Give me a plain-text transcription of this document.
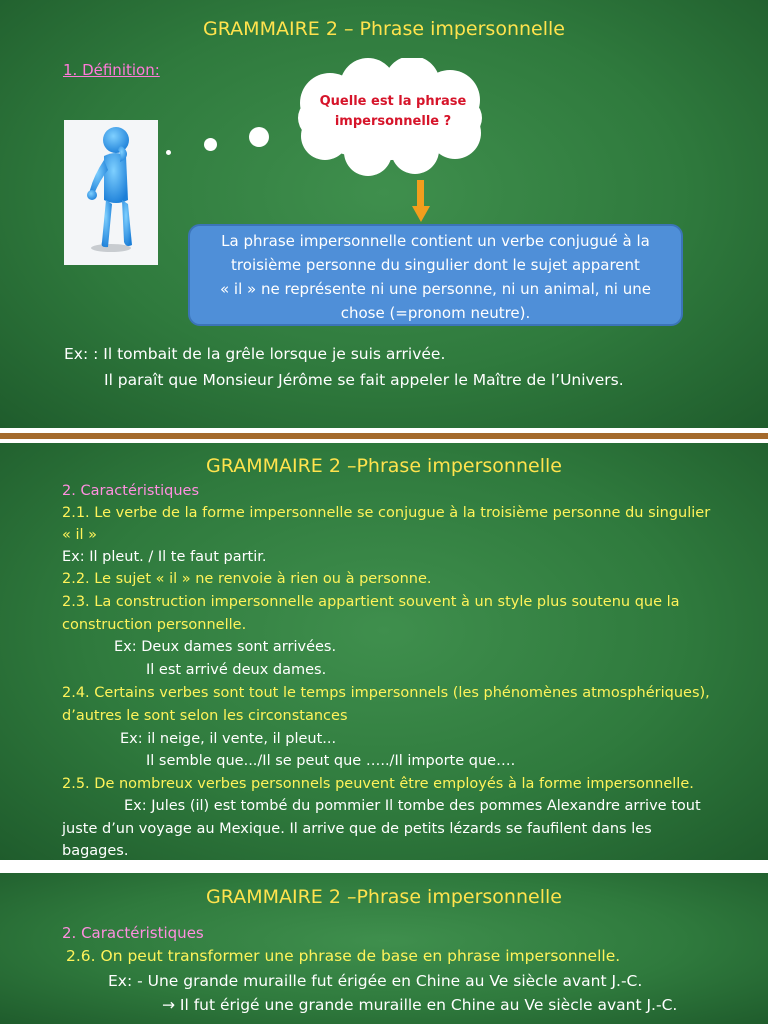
GRAMMAIRE 2 – Phrase impersonnelle
1. Définition:
Quelle est la phrase impersonnelle ?
La phrase impersonnelle contient un verbe conjugué à la
troisième personne du singulier dont le sujet apparent
« il » ne représente ni une personne, ni un animal, ni une
chose (=pronom neutre).
Ex: : Il tombait de la grêle lorsque je suis arrivée.
Il paraît que Monsieur Jérôme se fait appeler le Maître de l’Univers.
GRAMMAIRE 2 –Phrase impersonnelle
2. Caractéristiques
2.1. Le verbe de la forme impersonnelle se conjugue à la troisième personne du singulier
« il »
Ex: Il pleut. / Il te faut partir.
2.2. Le sujet « il » ne renvoie à rien ou à personne.
2.3. La construction impersonnelle appartient souvent à un style plus soutenu que la
construction personnelle.
Ex: Deux dames sont arrivées.
Il est arrivé deux dames.
2.4. Certains verbes sont tout le temps impersonnels (les phénomènes atmosphériques),
d’autres le sont selon les circonstances
Ex: il neige, il vente, il pleut...
Il semble que.../Il se peut que …../Il importe que….
2.5. De nombreux verbes personnels peuvent être employés à la forme impersonnelle.
Ex: Jules (il) est tombé du pommier Il tombe des pommes Alexandre arrive tout
juste d’un voyage au Mexique. Il arrive que de petits lézards se faufilent dans les
bagages.
GRAMMAIRE 2 –Phrase impersonnelle
2. Caractéristiques
2.6. On peut transformer une phrase de base en phrase impersonnelle.
Ex: - Une grande muraille fut érigée en Chine au Ve siècle avant J.-C.
→ Il fut érigé une grande muraille en Chine au Ve siècle avant J.-C.
